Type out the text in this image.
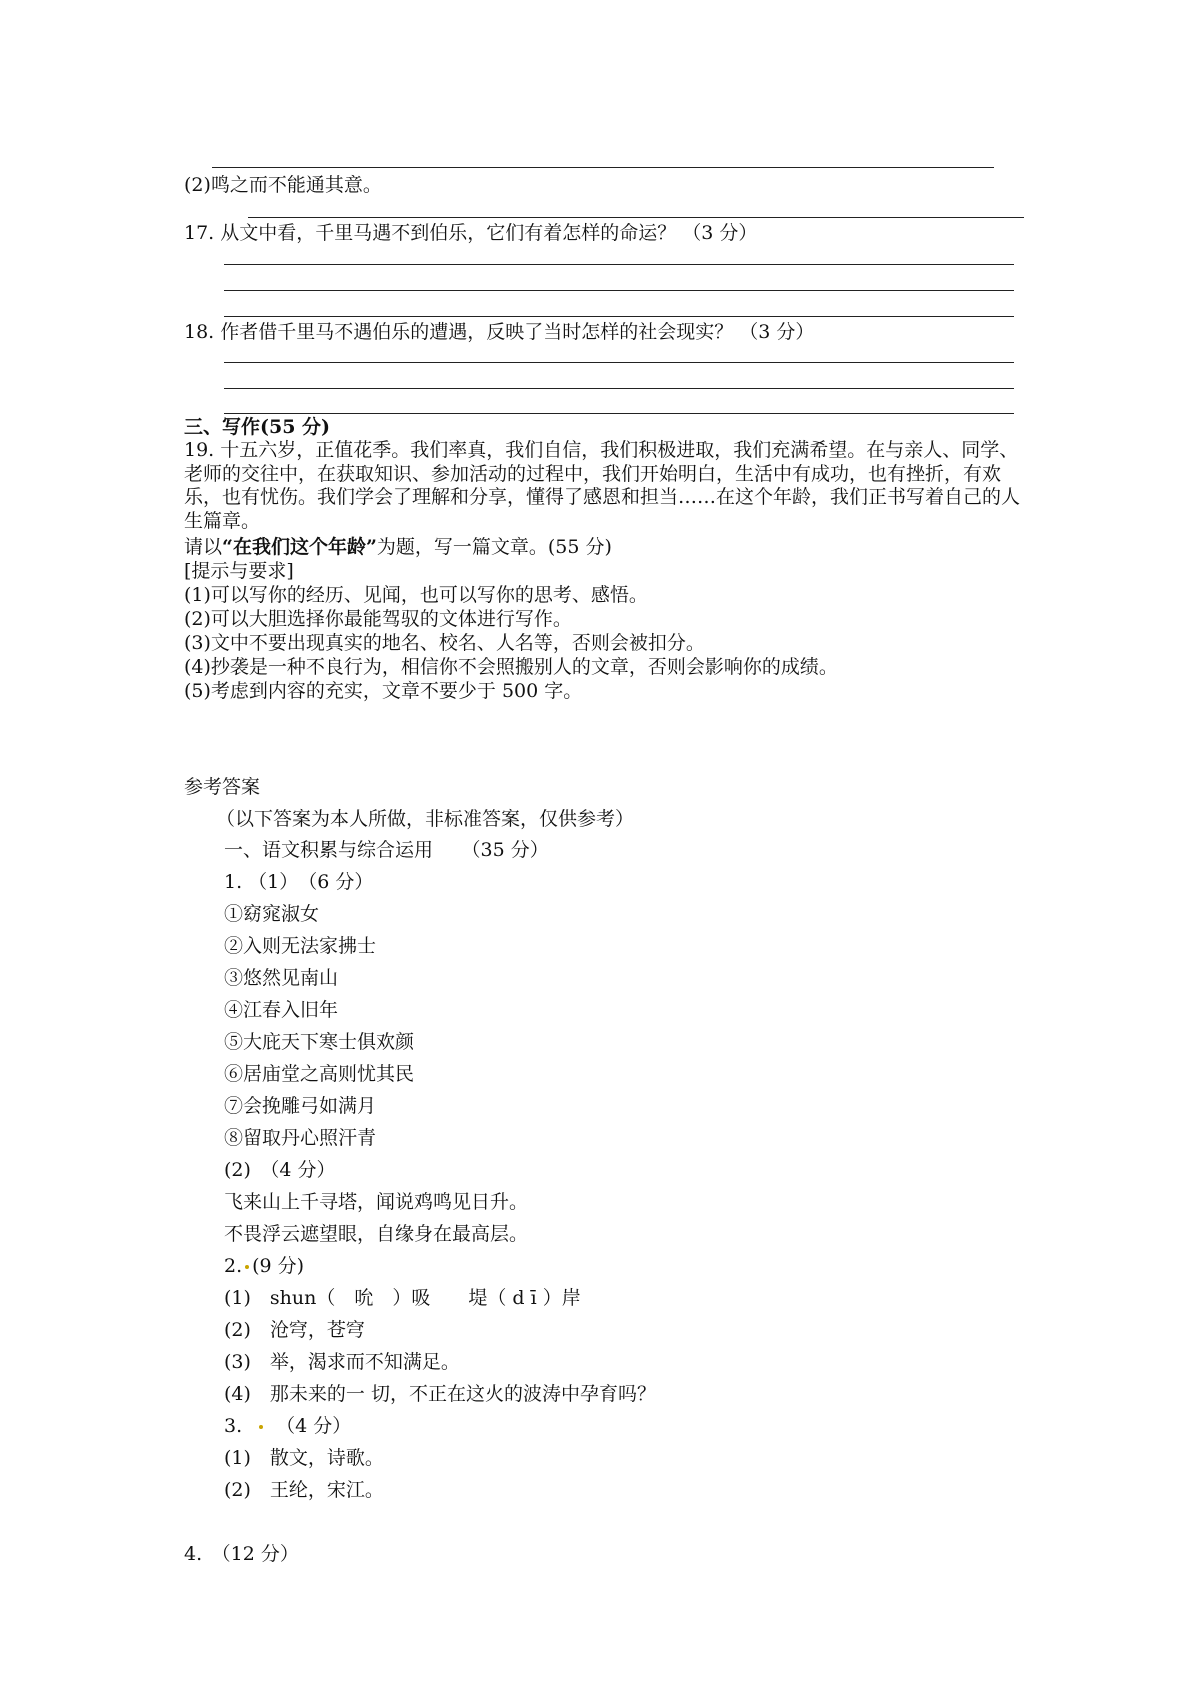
(2)鸣之而不能通其意。
17. 从文中看，千里马遇不到伯乐，它们有着怎样的命运？ （3 分）
18. 作者借千里马不遇伯乐的遭遇，反映了当时怎样的社会现实？ （3 分）
三、写作(55 分)
19. 十五六岁，正值花季。我们率真，我们自信，我们积极进取，我们充满希望。在与亲人、同学、老师的交往中，在获取知识、参加活动的过程中，我们开始明白，生活中有成功，也有挫折，有欢乐，也有忧伤。我们学会了理解和分享，懂得了感恩和担当……在这个年龄，我们正书写着自己的人生篇章。
请以“在我们这个年龄”为题，写一篇文章。(55 分)
[提示与要求]
(1)可以写你的经历、见闻，也可以写你的思考、感悟。
(2)可以大胆选择你最能驾驭的文体进行写作。
(3)文中不要出现真实的地名、校名、人名等，否则会被扣分。
(4)抄袭是一种不良行为，相信你不会照搬别人的文章，否则会影响你的成绩。
(5)考虑到内容的充实，文章不要少于 500 字。
参考答案
（以下答案为本人所做，非标准答案，仅供参考）
一、语文积累与综合运用　　（35 分）
1. （1）　（6 分）
①窈窕淑女
②入则无法家拂士
③悠然见南山
④江春入旧年
⑤大庇天下寒士俱欢颜
⑥居庙堂之高则忧其民
⑦会挽雕弓如满月
⑧留取丹心照汗青
(2)　（4 分）
飞来山上千寻塔，闻说鸡鸣见日升。
不畏浮云遮望眼，自缘身在最高层。
2. (9 分)
(1)　shun（　吮　）吸　　堤（ d ī ）岸
(2)　沧穹，苍穹
(3)　举，渴求而不知满足。
(4)　那未来的一 切，不正在这火的波涛中孕育吗？
3. （4 分）
(1)　散文，诗歌。
(2)　王纶，宋江。
4.　（12 分）
